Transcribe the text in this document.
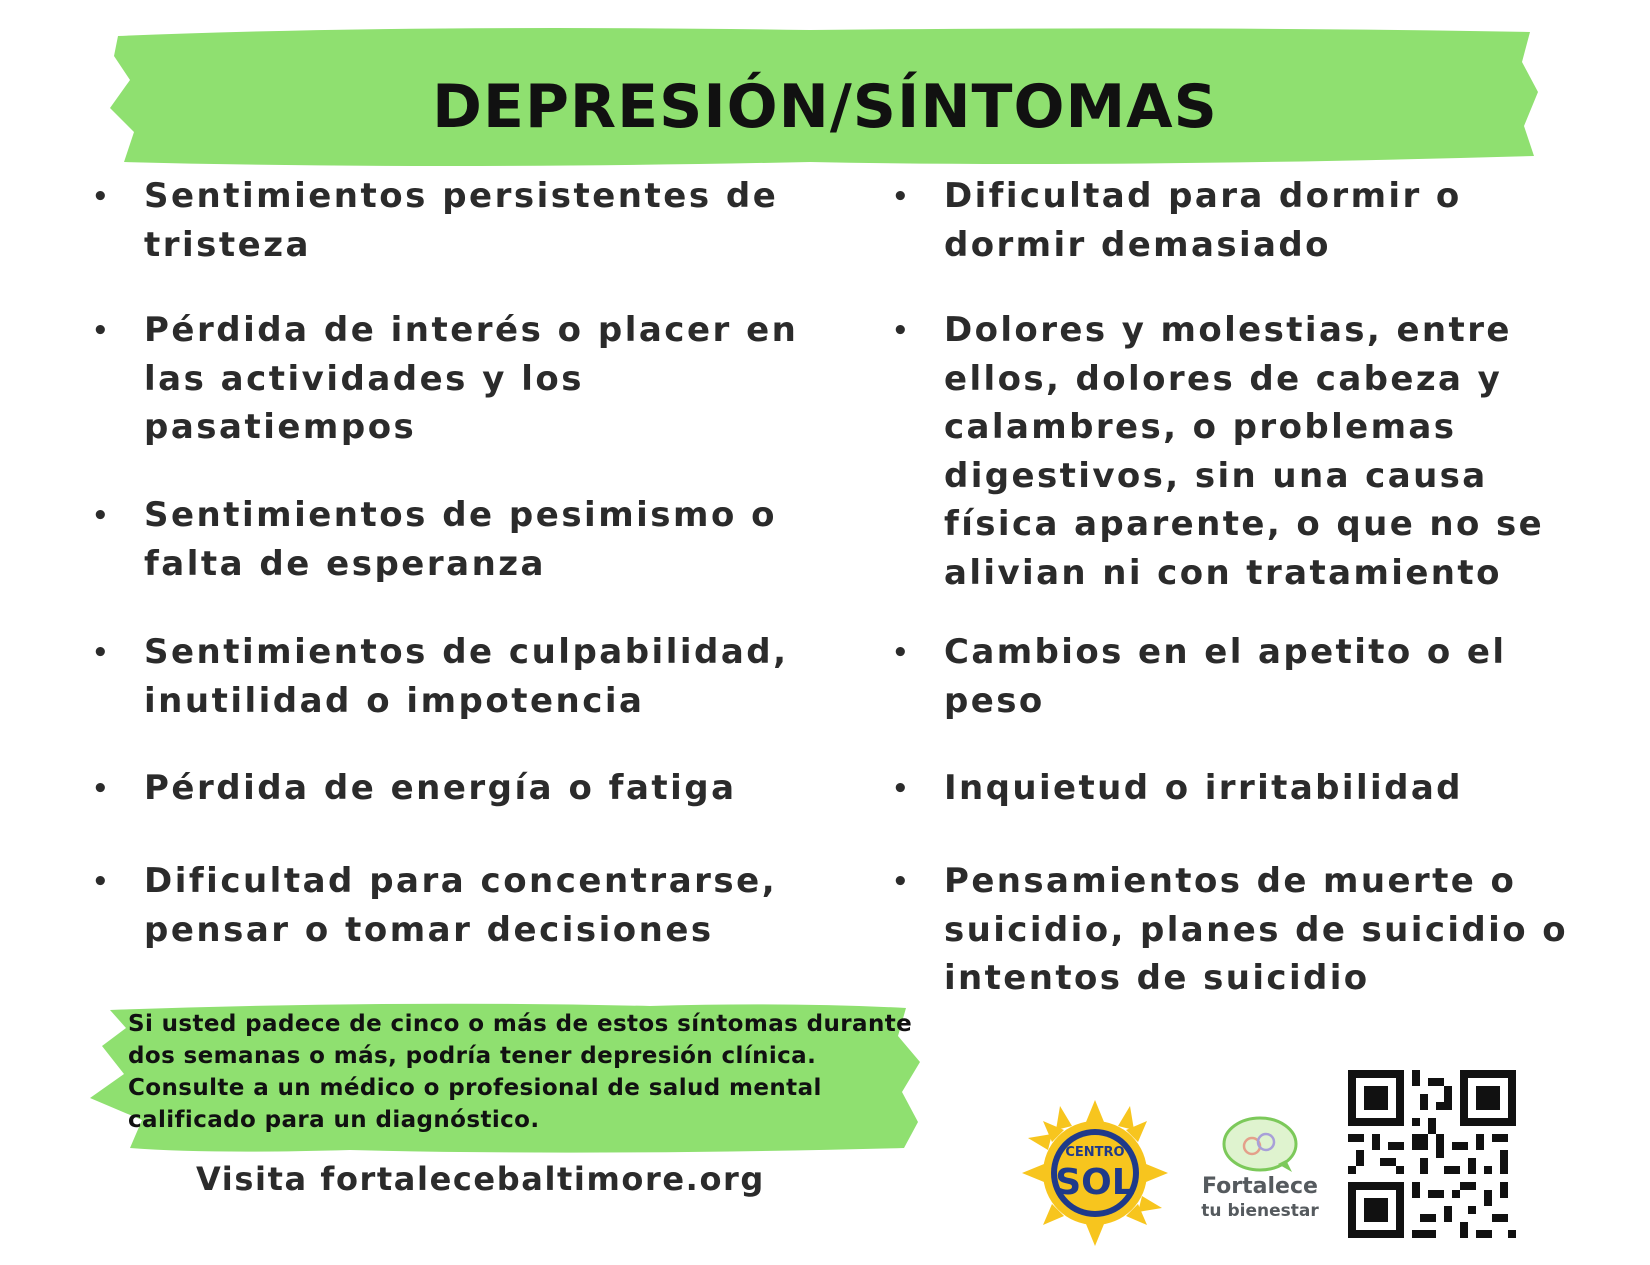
DEPRESIÓN/SÍNTOMAS
• Sentimientos persistentes de tristeza
• Pérdida de interés o placer en las actividades y los pasatiempos
• Sentimientos de pesimismo o falta de esperanza
• Sentimientos de culpabilidad, inutilidad o impotencia
• Pérdida de energía o fatiga
• Dificultad para concentrarse, pensar o tomar decisiones
• Dificultad para dormir o dormir demasiado
• Dolores y molestias, entre ellos, dolores de cabeza y calambres, o problemas digestivos, sin una causa física aparente, o que no se alivian ni con tratamiento
• Cambios en el apetito o el peso
• Inquietud o irritabilidad
• Pensamientos de muerte o suicidio, planes de suicidio o intentos de suicidio
Si usted padece de cinco o más de estos síntomas durante dos semanas o más, podría tener depresión clínica. Consulte a un médico o profesional de salud mental calificado para un diagnóstico.
Visita fortalecebaltimore.org
CENTRO
SOL	Fortalece
tu bienestar
